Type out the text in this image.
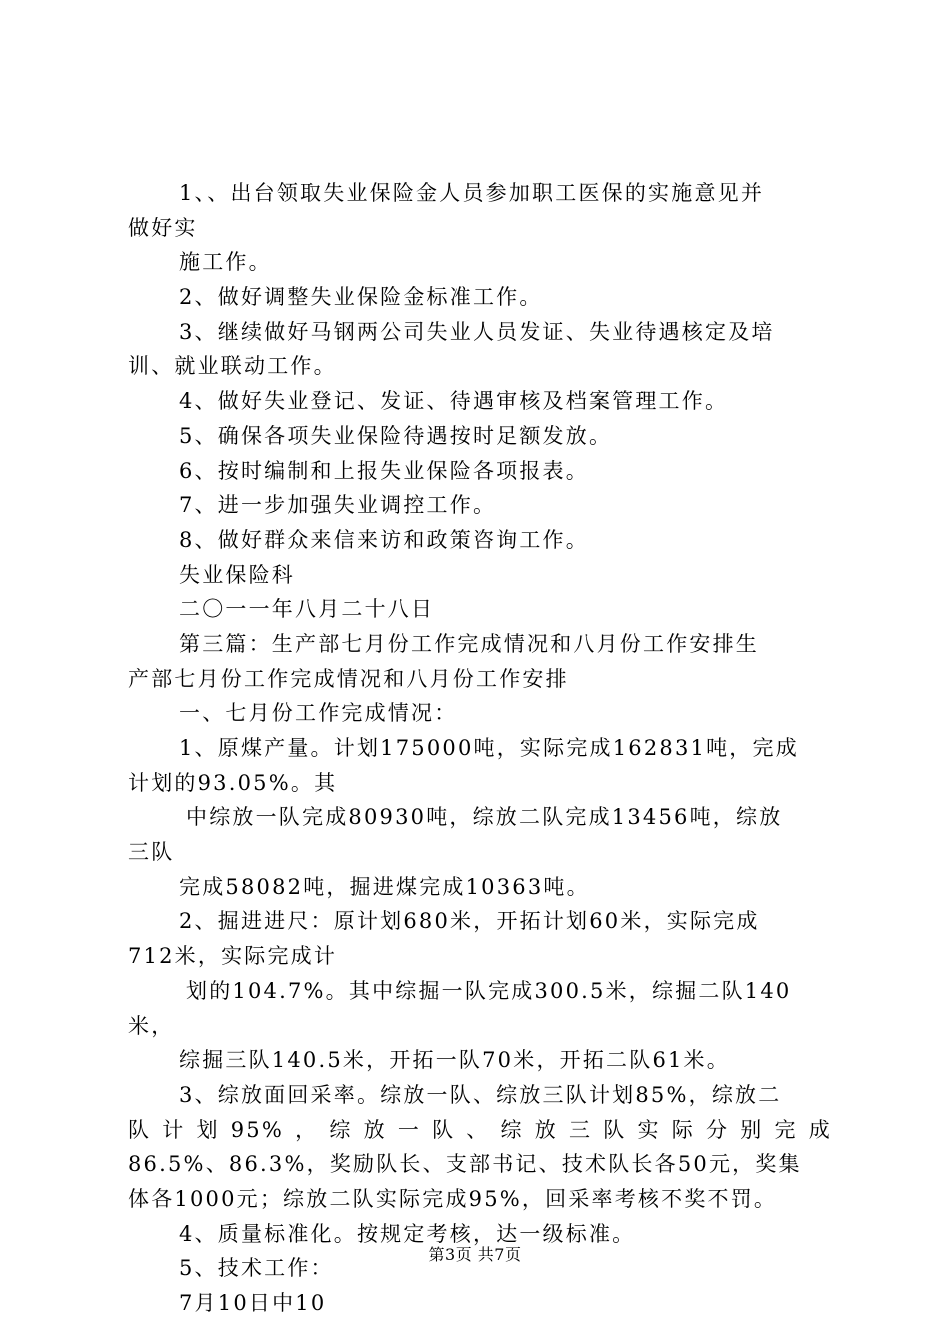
1、、出台领取失业保险金人员参加职工医保的实施意见并
做好实
施工作。
2、做好调整失业保险金标准工作。
3、继续做好马钢两公司失业人员发证、失业待遇核定及培
训、就业联动工作。
4、做好失业登记、发证、待遇审核及档案管理工作。
5、确保各项失业保险待遇按时足额发放。
6、按时编制和上报失业保险各项报表。
7、进一步加强失业调控工作。
8、做好群众来信来访和政策咨询工作。
失业保险科
二〇一一年八月二十八日
第三篇：生产部七月份工作完成情况和八月份工作安排生
产部七月份工作完成情况和八月份工作安排
一、七月份工作完成情况：
1、原煤产量。计划175000吨，实际完成162831吨，完成
计划的93.05%。其
中综放一队完成80930吨，综放二队完成13456吨，综放
三队
完成58082吨，掘进煤完成10363吨。
2、掘进进尺：原计划680米，开拓计划60米，实际完成
712米，实际完成计
划的104.7%。其中综掘一队完成300.5米，综掘二队140
米，
综掘三队140.5米，开拓一队70米，开拓二队61米。
3、综放面回采率。综放一队、综放三队计划85%，综放二
队计划95%，综放一队、综放三队实际分别完成
86.5%、86.3%，奖励队长、支部书记、技术队长各50元，奖集
体各1000元；综放二队实际完成95%，回采率考核不奖不罚。
4、质量标准化。按规定考核，达一级标准。
5、技术工作：
7月10日中10
第3页 共7页
